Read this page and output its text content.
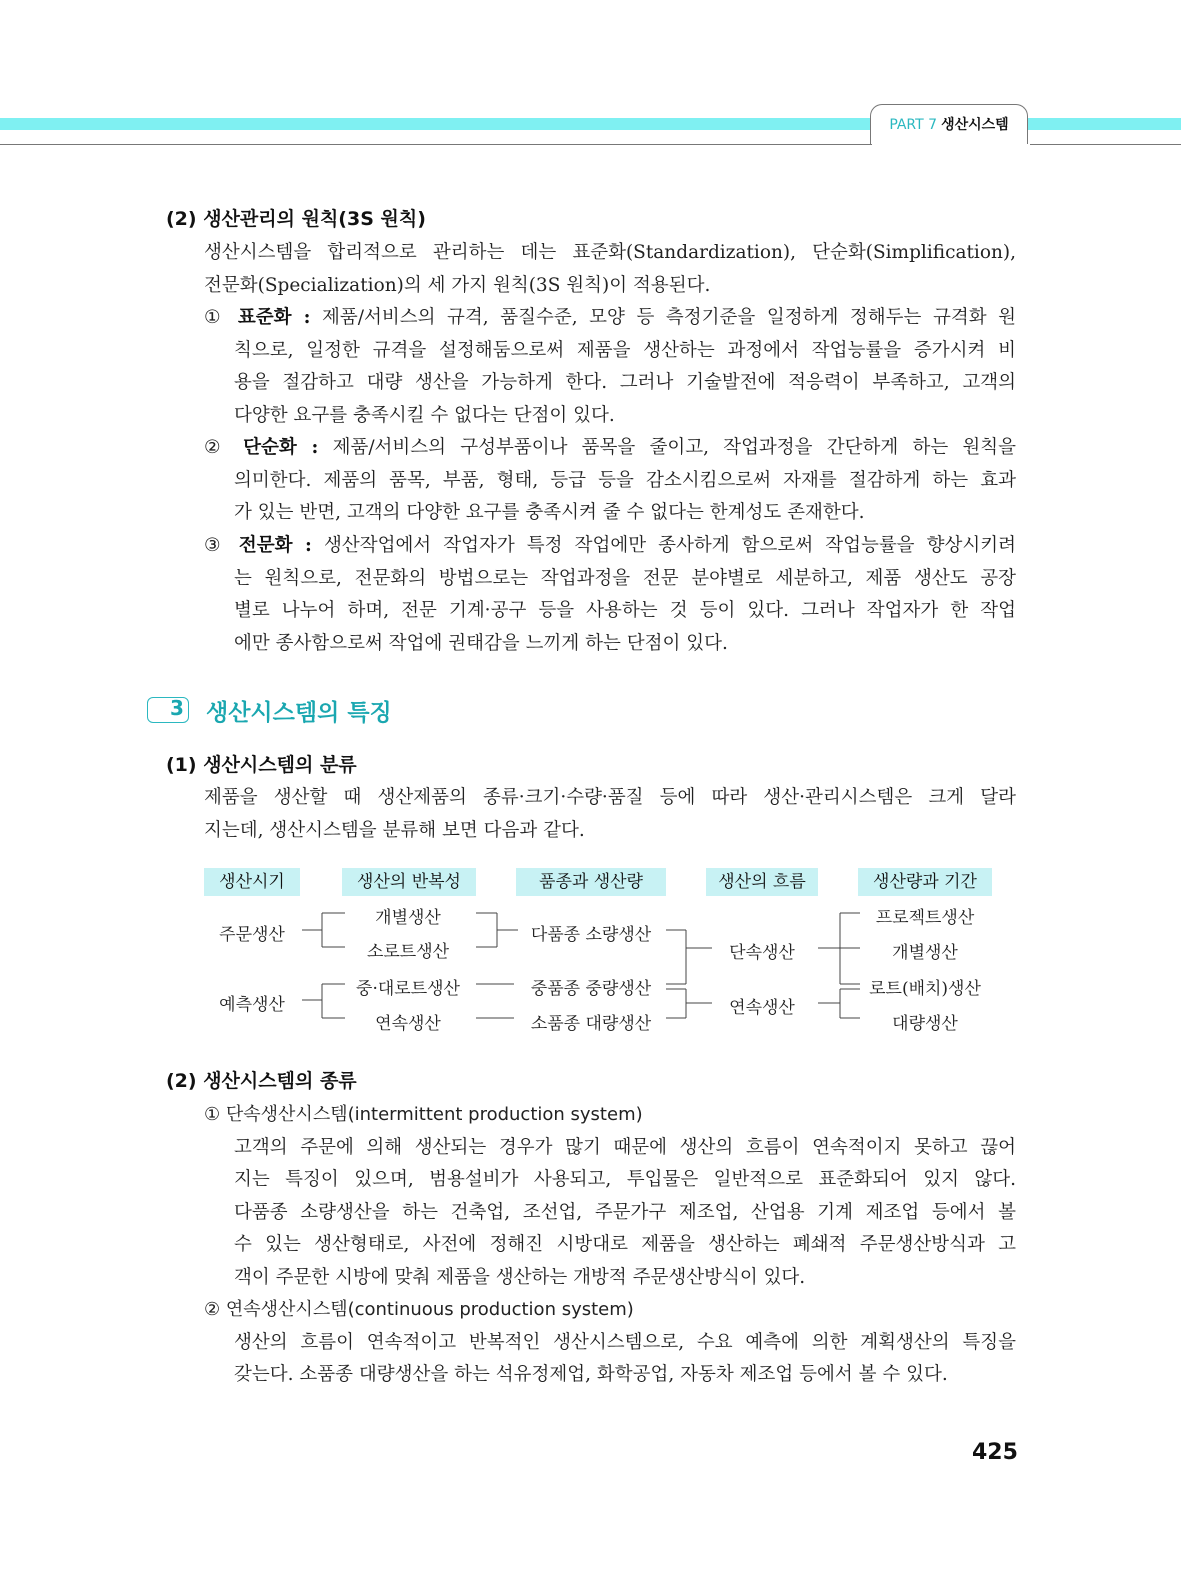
PART 7 생산시스템
(2) 생산관리의 원칙(3S 원칙)
생산시스템을 합리적으로 관리하는 데는 표준화(Standardization), 단순화(Simplification),
전문화(Specialization)의 세 가지 원칙(3S 원칙)이 적용된다.
① 표준화 : 제품/서비스의 규격, 품질수준, 모양 등 측정기준을 일정하게 정해두는 규격화 원
칙으로, 일정한 규격을 설정해둠으로써 제품을 생산하는 과정에서 작업능률을 증가시켜 비
용을 절감하고 대량 생산을 가능하게 한다. 그러나 기술발전에 적응력이 부족하고, 고객의
다양한 요구를 충족시킬 수 없다는 단점이 있다.
② 단순화 : 제품/서비스의 구성부품이나 품목을 줄이고, 작업과정을 간단하게 하는 원칙을
의미한다. 제품의 품목, 부품, 형태, 등급 등을 감소시킴으로써 자재를 절감하게 하는 효과
가 있는 반면, 고객의 다양한 요구를 충족시켜 줄 수 없다는 한계성도 존재한다.
③ 전문화 : 생산작업에서 작업자가 특정 작업에만 종사하게 함으로써 작업능률을 향상시키려
는 원칙으로, 전문화의 방법으로는 작업과정을 전문 분야별로 세분하고, 제품 생산도 공장
별로 나누어 하며, 전문 기계·공구 등을 사용하는 것 등이 있다. 그러나 작업자가 한 작업
에만 종사함으로써 작업에 권태감을 느끼게 하는 단점이 있다.
3 생산시스템의 특징
(1) 생산시스템의 분류
제품을 생산할 때 생산제품의 종류·크기·수량·품질 등에 따라 생산·관리시스템은 크게 달라
지는데, 생산시스템을 분류해 보면 다음과 같다.
생산시기	생산의 반복성	품종과 생산량	생산의 흐름	생산량과 기간
주문생산
예측생산
개별생산
소로트생산
중·대로트생산
연속생산
다품종 소량생산
중품종 중량생산
소품종 대량생산
단속생산
연속생산
프로젝트생산
개별생산
로트(배치)생산
대량생산
(2) 생산시스템의 종류
① 단속생산시스템(intermittent production system)
고객의 주문에 의해 생산되는 경우가 많기 때문에 생산의 흐름이 연속적이지 못하고 끊어
지는 특징이 있으며, 범용설비가 사용되고, 투입물은 일반적으로 표준화되어 있지 않다.
다품종 소량생산을 하는 건축업, 조선업, 주문가구 제조업, 산업용 기계 제조업 등에서 볼
수 있는 생산형태로, 사전에 정해진 시방대로 제품을 생산하는 폐쇄적 주문생산방식과 고
객이 주문한 시방에 맞춰 제품을 생산하는 개방적 주문생산방식이 있다.
② 연속생산시스템(continuous production system)
생산의 흐름이 연속적이고 반복적인 생산시스템으로, 수요 예측에 의한 계획생산의 특징을
갖는다. 소품종 대량생산을 하는 석유정제업, 화학공업, 자동차 제조업 등에서 볼 수 있다.
425
